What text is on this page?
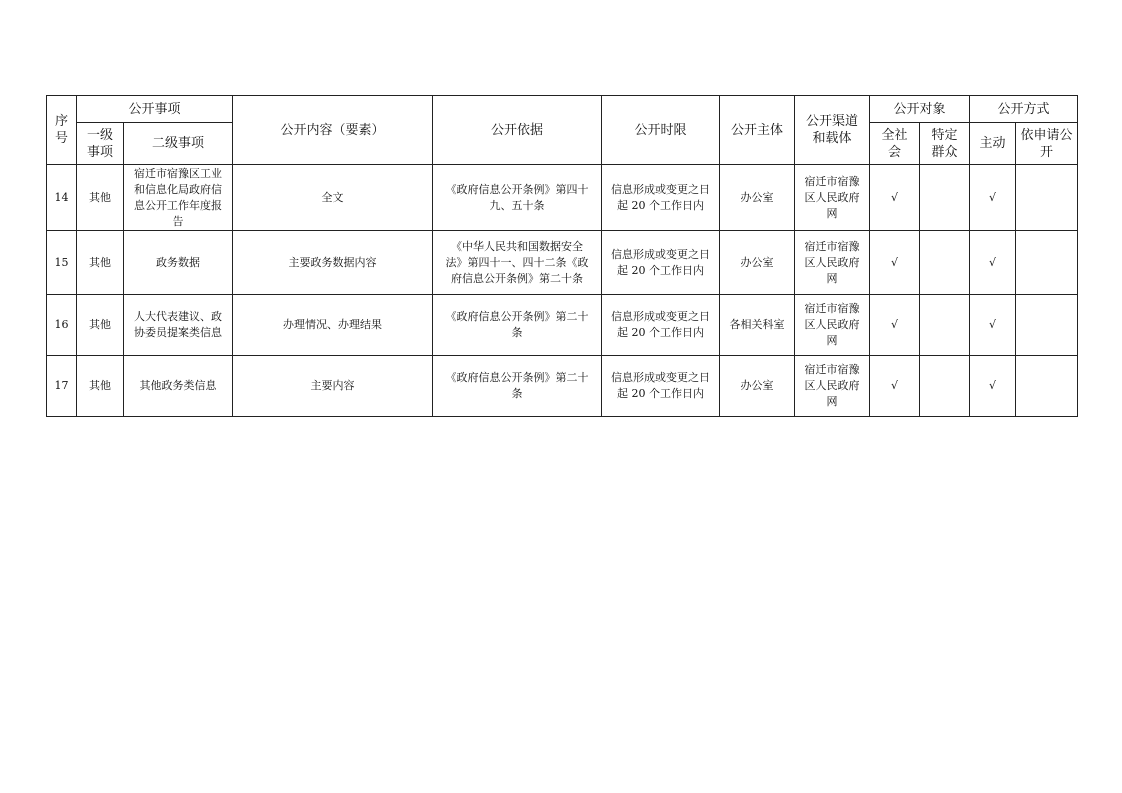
序号	公开事项		公开内容（要素）	公开依据	公开时限	公开主体	公开渠道和载体	公开对象		公开方式	
	一级事项	二级事项						全社会	特定群众	主动	依申请公开
14	其他	宿迁市宿豫区工业和信息化局政府信息公开工作年度报告	全文	《政府信息公开条例》第四十九、五十条	信息形成或变更之日起 20 个工作日内	办公室	宿迁市宿豫区人民政府网	√		√	
15	其他	政务数据	主要政务数据内容	《中华人民共和国数据安全法》第四十一、四十二条《政府信息公开条例》第二十条	信息形成或变更之日起 20 个工作日内	办公室	宿迁市宿豫区人民政府网	√		√	
16	其他	人大代表建议、政协委员提案类信息	办理情况、办理结果	《政府信息公开条例》第二十条	信息形成或变更之日起 20 个工作日内	各相关科室	宿迁市宿豫区人民政府网	√		√	
17	其他	其他政务类信息	主要内容	《政府信息公开条例》第二十条	信息形成或变更之日起 20 个工作日内	办公室	宿迁市宿豫区人民政府网	√		√	
